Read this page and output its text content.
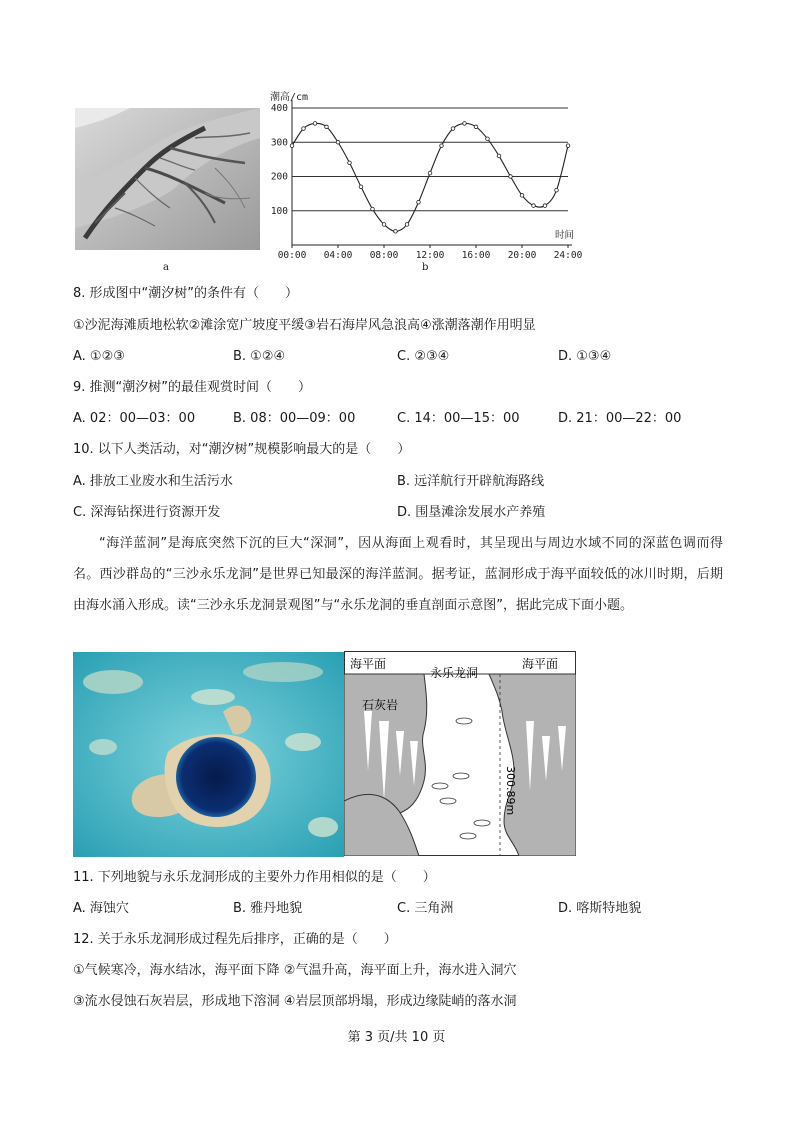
a
潮高/cm
时间
100
200
300
400
00:00 04:00 08:00 12:00 16:00 20:00 24:00
b
8. 形成图中“潮汐树”的条件有（　　）
①沙泥海滩质地松软②滩涂宽广坡度平缓③岩石海岸风急浪高④涨潮落潮作用明显
A. ①②③	B. ①②④	C. ②③④	D. ①③④
9. 推测“潮汐树”的最佳观赏时间（　　）
A. 02：00—03：00	B. 08：00—09：00	C. 14：00—15：00	D. 21：00—22：00
10. 以下人类活动，对“潮汐树”规模影响最大的是（　　）
A. 排放工业废水和生活污水	B. 远洋航行开辟航海路线
C. 深海钻探进行资源开发	D. 围垦滩涂发展水产养殖
“海洋蓝洞”是海底突然下沉的巨大“深洞”，因从海面上观看时，其呈现出与周边水域不同的深蓝色调而得名。西沙群岛的“三沙永乐龙洞”是世界已知最深的海洋蓝洞。据考证，蓝洞形成于海平面较低的冰川时期，后期由海水涌入形成。读“三沙永乐龙洞景观图”与“永乐龙洞的垂直剖面示意图”，据此完成下面小题。
海平面	海平面
永乐龙洞
石灰岩
300.89m
11. 下列地貌与永乐龙洞形成的主要外力作用相似的是（　　）
A. 海蚀穴	B. 雅丹地貌	C. 三角洲	D. 喀斯特地貌
12. 关于永乐龙洞形成过程先后排序，正确的是（　　）
①气候寒冷，海水结冰，海平面下降 ②气温升高，海平面上升，海水进入洞穴
③流水侵蚀石灰岩层，形成地下溶洞 ④岩层顶部坍塌，形成边缘陡峭的落水洞
第 3 页/共 10 页
